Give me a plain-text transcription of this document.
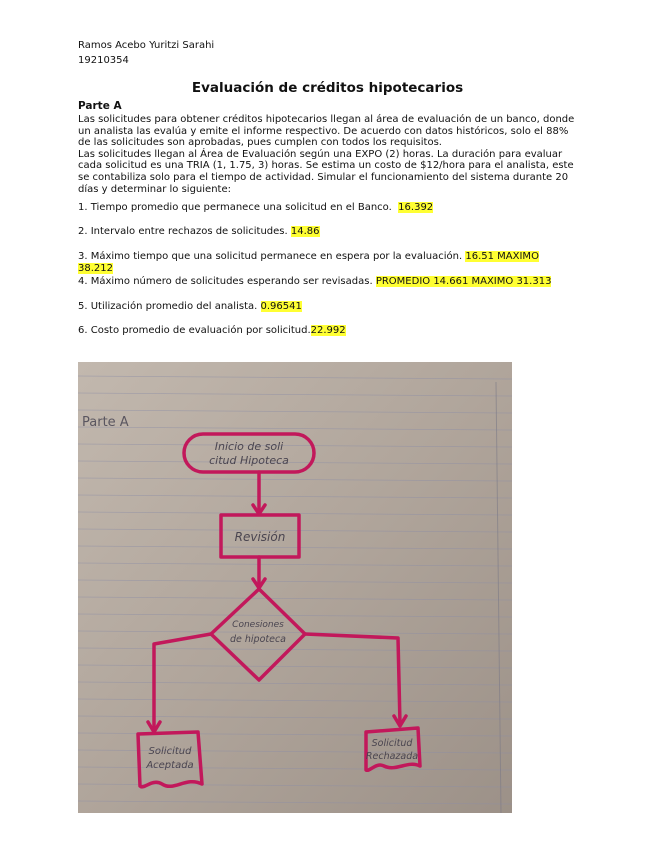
Ramos Acebo Yuritzi Sarahi
19210354
Evaluación de créditos hipotecarios
Parte A

Las solicitudes para obtener créditos hipotecarios llegan al área de evaluación de un banco, donde un analista las evalúa y emite el informe respectivo. De acuerdo con datos históricos, solo el 88% de las solicitudes son aprobadas, pues cumplen con todos los requisitos.

Las solicitudes llegan al Área de Evaluación según una EXPO (2) horas. La duración para evaluar cada solicitud es una TRIA (1, 1.75, 3) horas. Se estima un costo de $12/hora para el analista, este se contabiliza solo para el tiempo de actividad. Simular el funcionamiento del sistema durante 20 días y determinar lo siguiente:

1. Tiempo promedio que permanece una solicitud en el Banco. 16.392
2. Intervalo entre rechazos de solicitudes. 14.86
3. Máximo tiempo que una solicitud permanece en espera por la evaluación. 16.51 MAXIMO 38.212
4. Máximo número de solicitudes esperando ser revisadas. PROMEDIO 14.661 MAXIMO 31.313
5. Utilización promedio del analista. 0.96541
6. Costo promedio de evaluación por solicitud.22.992
Parte A
Inicio de soli
citud Hipoteca
Revisión
Conesiones
de hipoteca
Solicitud
Aceptada
Solicitud
Rechazada
